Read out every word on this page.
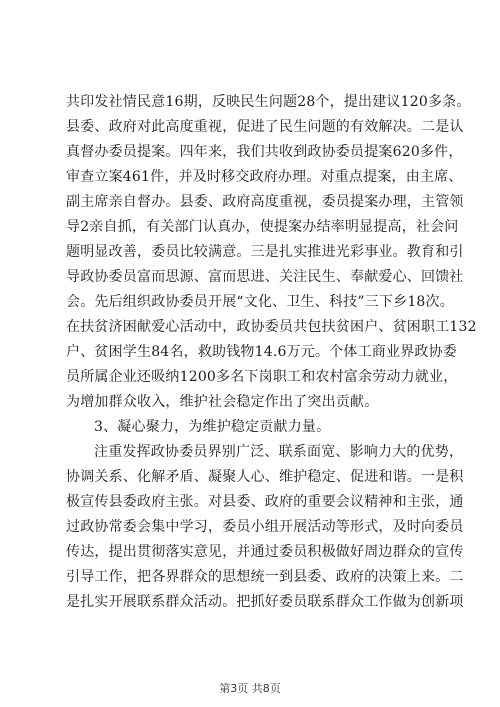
共印发社情民意16期，反映民生问题28个，提出建议120多条。
县委、政府对此高度重视，促进了民生问题的有效解决。二是认
真督办委员提案。四年来，我们共收到政协委员提案620多件，
审查立案461件，并及时移交政府办理。对重点提案，由主席、
副主席亲自督办。县委、政府高度重视，委员提案办理，主管领
导2亲自抓，有关部门认真办，使提案办结率明显提高，社会问
题明显改善，委员比较满意。三是扎实推进光彩事业。教育和引
导政协委员富而思源、富而思进、关注民生、奉献爱心、回馈社
会。先后组织政协委员开展“文化、卫生、科技”三下乡18次。
在扶贫济困献爱心活动中，政协委员共包扶贫困户、贫困职工132
户、贫困学生84名，救助钱物14.6万元。个体工商业界政协委
员所属企业还吸纳1200多名下岗职工和农村富余劳动力就业，
为增加群众收入，维护社会稳定作出了突出贡献。
3、凝心聚力，为维护稳定贡献力量。
注重发挥政协委员界别广泛、联系面宽、影响力大的优势，
协调关系、化解矛盾、凝聚人心、维护稳定、促进和谐。一是积
极宣传县委政府主张。对县委、政府的重要会议精神和主张，通
过政协常委会集中学习，委员小组开展活动等形式，及时向委员
传达，提出贯彻落实意见，并通过委员积极做好周边群众的宣传
引导工作，把各界群众的思想统一到县委、政府的决策上来。二
是扎实开展联系群众活动。把抓好委员联系群众工作做为创新项
第3页 共8页
